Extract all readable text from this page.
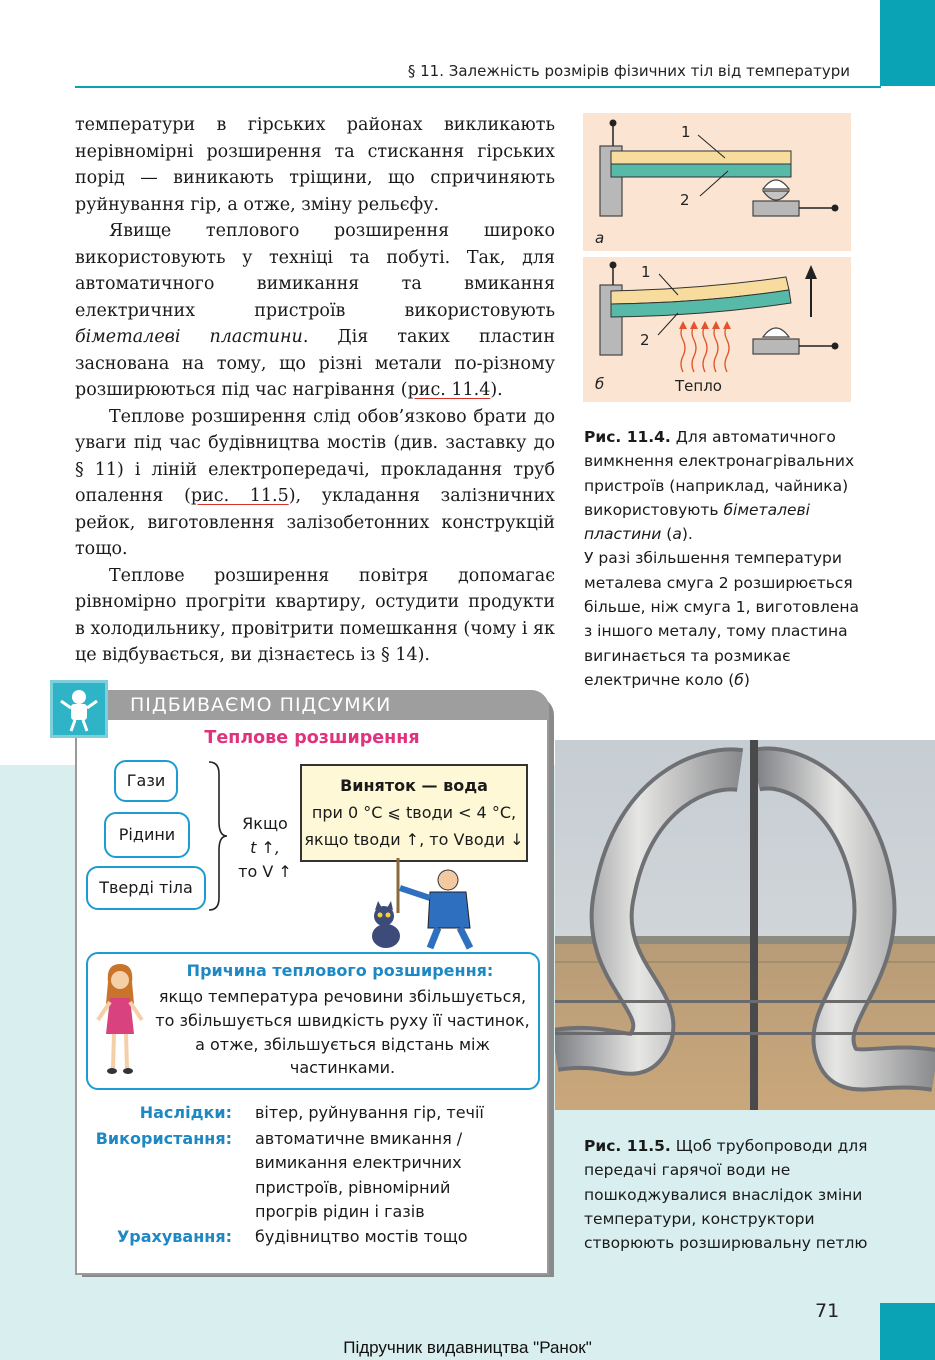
§ 11. Залежність розмірів фізичних тіл від температури

температури в гірських районах викликають нерівномірні розширення та стискання гірських порід — виникають тріщини, що спричиняють руйнування гір, а отже, зміну рельєфу.

Явище теплового розширення широко використовують у техніці та побуті. Так, для автоматичного вимикання та вмикання електричних пристроїв використовують біметалеві пластини. Дія таких пластин заснована на тому, що різні метали по-різному розширюються під час нагрівання (рис. 11.4).

Теплове розширення слід обов’язково брати до уваги під час будівництва мостів (див. заставку до § 11) і ліній електропередачі, прокладання труб опалення (рис. 11.5), укладання залізничних рейок, виготовлення залізобетонних конструкцій тощо.

Теплове розширення повітря допомагає рівномірно прогріти квартиру, остудити продукти в холодильнику, провітрити помешкання (чому і як це відбувається, ви дізнаєтесь із § 14).

1
2
а
1
2
б	Тепло
Рис. 11.4. Для автоматичного вимкнення електронагрівальних пристроїв (наприклад, чайника) використовують біметалеві пластини (а).
У разі збільшення температури металева смуга 2 розширюється більше, ніж смуга 1, виготовлена з іншого металу, тому пластина вигинається та розмикає електричне коло (б)
Рис. 11.5. Щоб трубопроводи для передачі гарячої води не пошкоджувалися внаслідок зміни температури, конструктори створюють розширювальну петлю
ПІДБИВАЄМО ПІДСУМКИ
Теплове розширення
Гази
Рідини
Тверді тіла
Якщо
t ↑,
то V ↑
Виняток — вода
при 0 °С ⩽ tводи < 4 °С,
якщо tводи ↑, то Vводи ↓
Причина теплового розширення:
якщо температура речовини збільшується, то збільшується швидкість руху її частинок, а отже, збільшується відстань між частинками.
Наслідки: вітер, руйнування гір, течії
Використання: автоматичне вмикання / вимикання електричних пристроїв, рівномірний прогрів рідин і газів
Урахування: будівництво мостів тощо
71
Підручник видавництва "Ранок"
